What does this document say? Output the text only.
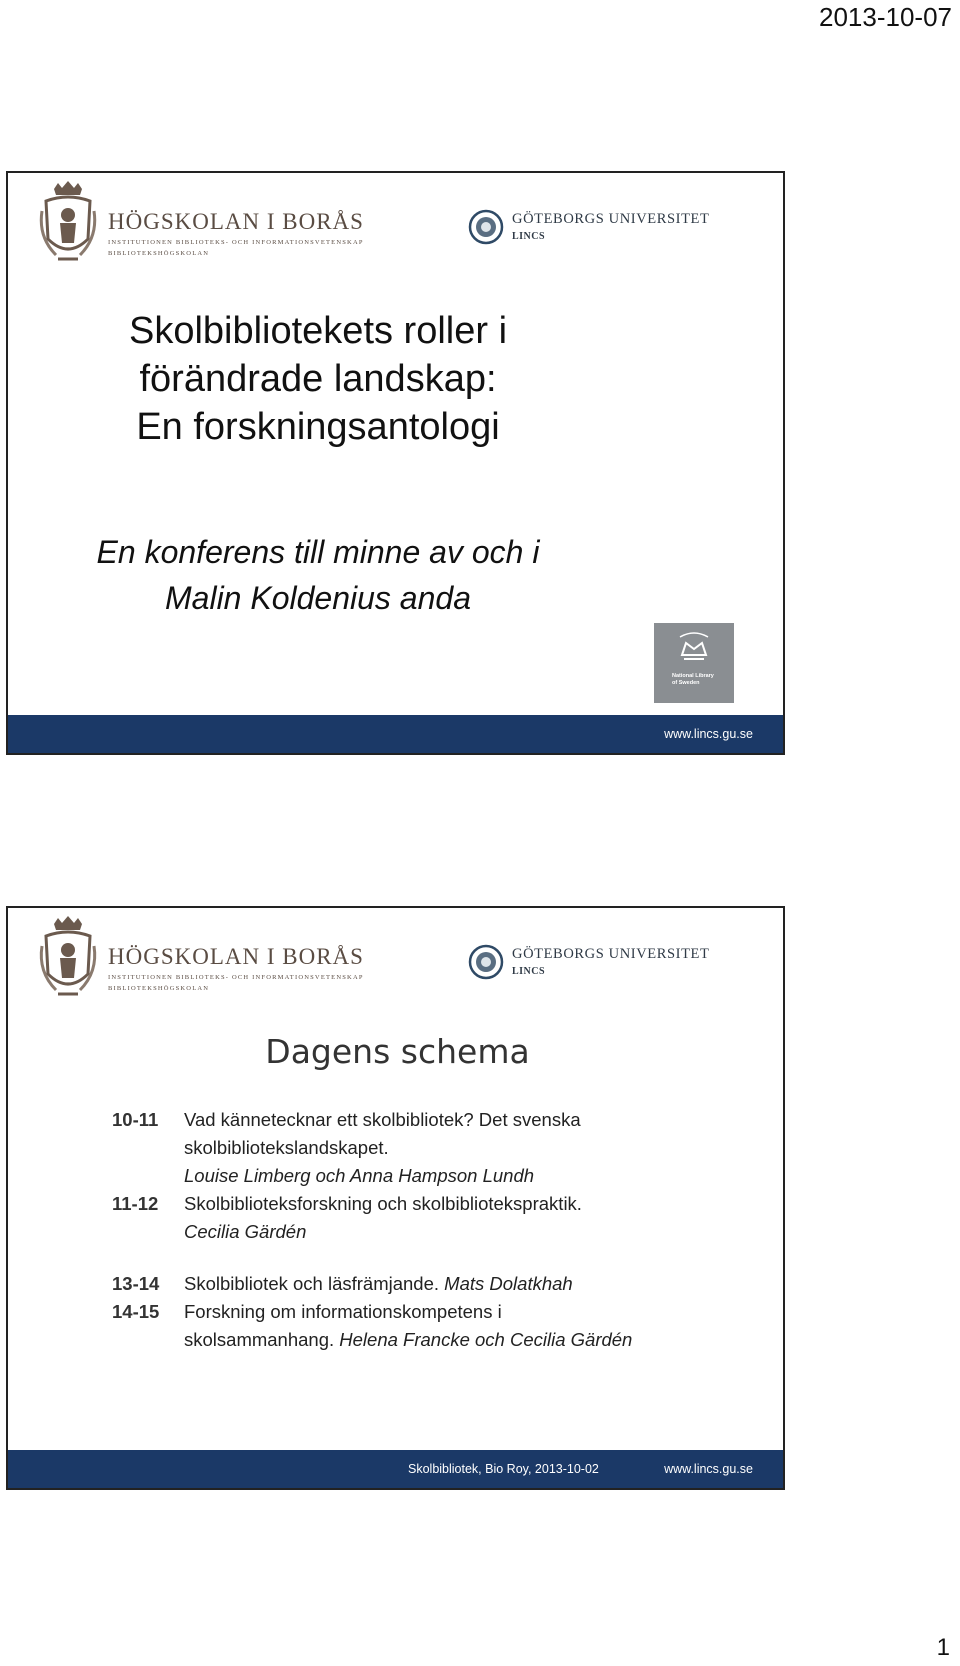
2013-10-07
HÖGSKOLAN I BORÅS
INSTITUTIONEN BIBLIOTEKS- OCH INFORMATIONSVETENSKAP
BIBLIOTEKSHÖGSKOLAN
GÖTEBORGS UNIVERSITET
LINCS
Skolbibliotekets roller i
förändrade landskap:
En forskningsantologi
En konferens till minne av och i
Malin Koldenius anda
National Library
of Sweden
www.lincs.gu.se
HÖGSKOLAN I BORÅS
INSTITUTIONEN BIBLIOTEKS- OCH INFORMATIONSVETENSKAP
BIBLIOTEKSHÖGSKOLAN
GÖTEBORGS UNIVERSITET
LINCS
Dagens schema
10-11	Vad kännetecknar ett skolbibliotek? Det svenska
skolbibliotekslandskapet.
Louise Limberg och Anna Hampson Lundh
11-12	Skolbiblioteksforskning och skolbibliotekspraktik.
Cecilia Gärdén
13-14	Skolbibliotek och läsfrämjande. Mats Dolatkhah
14-15	Forskning om informationskompetens i
skolsammanhang. Helena Francke och Cecilia Gärdén
Skolbibliotek, Bio Roy, 2013-10-02	www.lincs.gu.se
1
